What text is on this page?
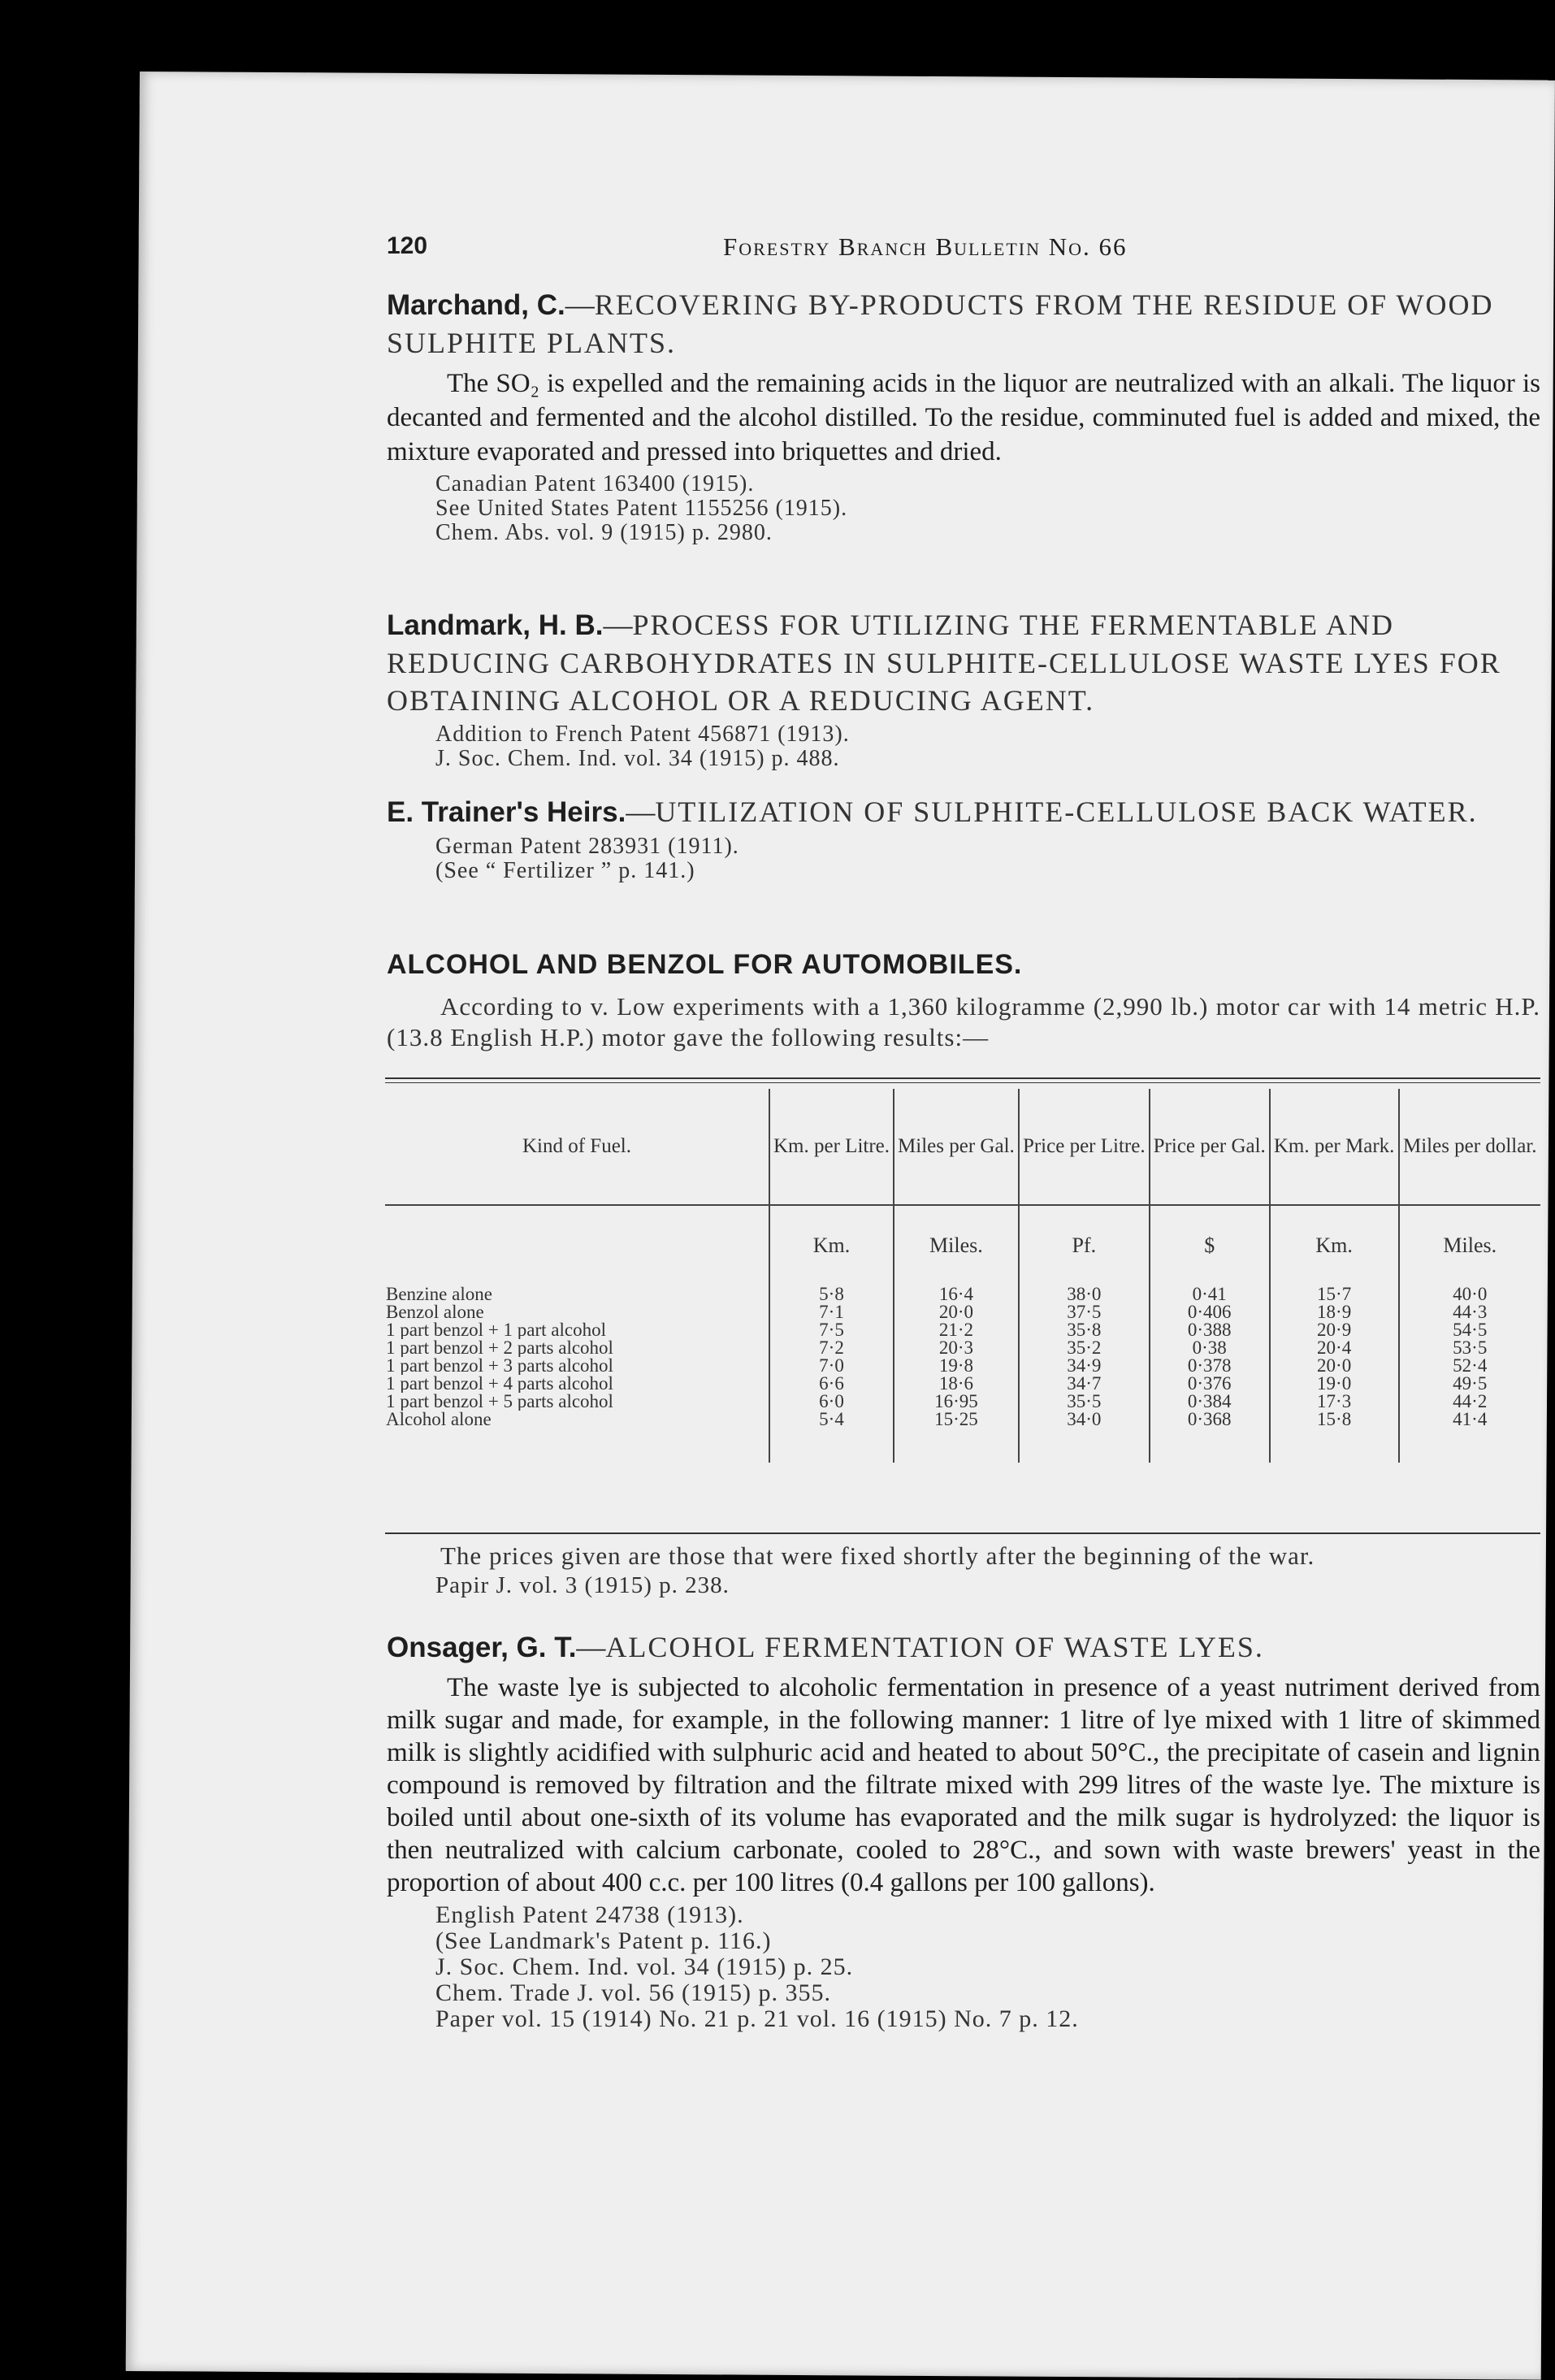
120	Forestry Branch Bulletin No. 66
Marchand, C.—RECOVERING BY-PRODUCTS FROM THE RESIDUE OF WOOD SULPHITE PLANTS.

The SO₂ is expelled and the remaining acids in the liquor are neutralized with an alkali. The liquor is decanted and fermented and the alcohol distilled. To the residue, comminuted fuel is added and mixed, the mixture evaporated and pressed into briquettes and dried.

Canadian Patent 163400 (1915).
See United States Patent 1155256 (1915).
Chem. Abs. vol. 9 (1915) p. 2980.
Landmark, H. B.—PROCESS FOR UTILIZING THE FERMENTABLE AND REDUCING CARBOHYDRATES IN SULPHITE-CELLULOSE WASTE LYES FOR OBTAINING ALCOHOL OR A REDUCING AGENT.
Addition to French Patent 456871 (1913).
J. Soc. Chem. Ind. vol. 34 (1915) p. 488.
E. Trainer's Heirs.—UTILIZATION OF SULPHITE-CELLULOSE BACK WATER.
German Patent 283931 (1911).
(See “ Fertilizer ” p. 141.)
ALCOHOL AND BENZOL FOR AUTOMOBILES.

According to v. Low experiments with a 1,360 kilogramme (2,990 lb.) motor car with 14 metric H.P. (13.8 English H.P.) motor gave the following results:—

Kind of Fuel.	Km. per Litre.	Miles per Gal.	Price per Litre.	Price per Gal.	Km. per Mark.	Miles per dollar.
	Km.	Miles.	Pf.	$	Km.	Miles.
Benzine alone	5·8	16·4	38·0	0·41	15·7	40·0
Benzol alone	7·1	20·0	37·5	0·406	18·9	44·3
1 part benzol + 1 part alcohol	7·5	21·2	35·8	0·388	20·9	54·5
1 part benzol + 2 parts alcohol	7·2	20·3	35·2	0·38	20·4	53·5
1 part benzol + 3 parts alcohol	7·0	19·8	34·9	0·378	20·0	52·4
1 part benzol + 4 parts alcohol	6·6	18·6	34·7	0·376	19·0	49·5
1 part benzol + 5 parts alcohol	6·0	16·95	35·5	0·384	17·3	44·2
Alcohol alone	5·4	15·25	34·0	0·368	15·8	41·4

The prices given are those that were fixed shortly after the beginning of the war.

Papir J. vol. 3 (1915) p. 238.
Onsager, G. T.—ALCOHOL FERMENTATION OF WASTE LYES.

The waste lye is subjected to alcoholic fermentation in presence of a yeast nutriment derived from milk sugar and made, for example, in the following manner: 1 litre of lye mixed with 1 litre of skimmed milk is slightly acidified with sulphuric acid and heated to about 50°C., the precipitate of casein and lignin compound is removed by filtration and the filtrate mixed with 299 litres of the waste lye. The mixture is boiled until about one-sixth of its volume has evaporated and the milk sugar is hydrolyzed: the liquor is then neutralized with calcium carbonate, cooled to 28°C., and sown with waste brewers' yeast in the proportion of about 400 c.c. per 100 litres (0.4 gallons per 100 gallons).

English Patent 24738 (1913).
(See Landmark's Patent p. 116.)
J. Soc. Chem. Ind. vol. 34 (1915) p. 25.
Chem. Trade J. vol. 56 (1915) p. 355.
Paper vol. 15 (1914) No. 21 p. 21 vol. 16 (1915) No. 7 p. 12.
